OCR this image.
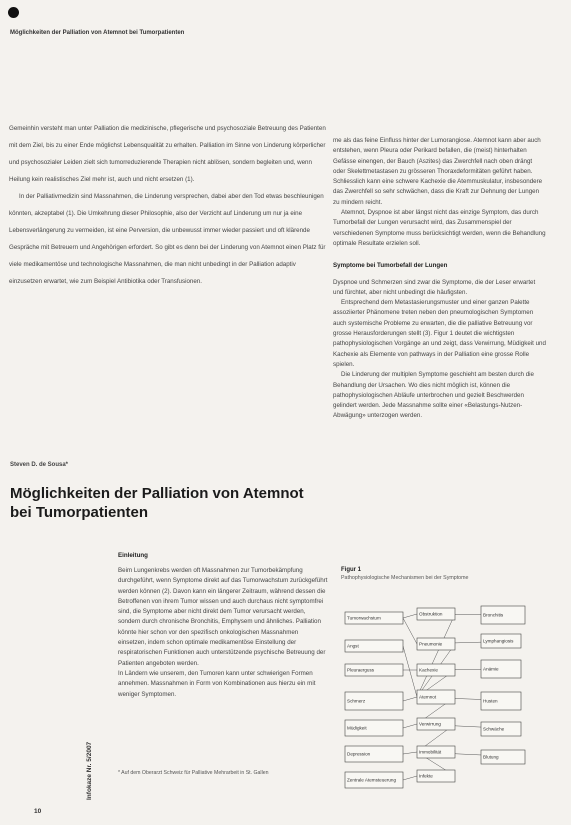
Möglichkeiten der Palliation von Atemnot bei Tumorpatienten

Gemeinhin versteht man unter Palliation die medizinische, pflegerische und psychosoziale Betreuung des Patienten mit dem Ziel, bis zu einer Ende möglichst Lebensqualität zu erhalten. Palliation im Sinne von Linderung körperlicher und psychosozialer Leiden zielt sich tumorreduzierende Therapien nicht ablösen, sondern begleiten und, wenn Heilung kein realistisches Ziel mehr ist, auch und nicht ersetzen (1).

In der Palliativmedizin sind Massnahmen, die Linderung versprechen, dabei aber den Tod etwas beschleunigen könnten, akzeptabel (1). Die Umkehrung dieser Philosophie, also der Verzicht auf Linderung um nur ja eine Lebensverlängerung zu vermeiden, ist eine Perversion, die unbewusst immer wieder passiert und oft klärende Gespräche mit Betreuern und Angehörigen erfordert. So gibt es denn bei der Linderung von Atemnot einen Platz für viele medikamentöse und technologische Massnahmen, die man nicht unbedingt in der Palliation adaptiv einzusetzen erwartet, wie zum Beispiel Antibiotika oder Transfusionen.

me als das feine Einfluss hinter der Lumorangiose. Atemnot kann aber auch entstehen, wenn Pleura oder Perikard befallen, die (meist) hinterhalten Gefässe einengen, der Bauch (Aszites) das Zwerchfell nach oben drängt oder Skelettmetastasen zu grösseren Thoraxdeformitäten geführt haben. Schliesslich kann eine schwere Kachexie die Atemmuskulatur, insbesondere das Zwerchfell so sehr schwächen, dass die Kraft zur Dehnung der Lungen zu mindern reicht.

Atemnot, Dyspnoe ist aber längst nicht das einzige Symptom, das durch Tumorbefall der Lungen verursacht wird, das Zusammenspiel der verschiedenen Symptome muss berücksichtigt werden, wenn die Behandlung optimale Resultate erzielen soll.

Symptome bei Tumorbefall der Lungen

Dyspnoe und Schmerzen sind zwar die Symptome, die der Leser erwartet und fürchtet, aber nicht unbedingt die häufigsten.

Entsprechend dem Metastasierungsmuster und einer ganzen Palette assoziierter Phänomene treten neben den pneumologischen Symptomen auch systemische Probleme zu erwarten, die die palliative Betreuung vor grosse Herausforderungen stellt (3). Figur 1 deutet die wichtigsten pathophysiologischen Vorgänge an und zeigt, dass Verwirrung, Müdigkeit und Kachexie als Elemente von pathways in der Palliation eine grosse Rolle spielen.

Die Linderung der multiplen Symptome geschieht am besten durch die Behandlung der Ursachen. Wo dies nicht möglich ist, können die pathophysiologischen Abläufe unterbrochen und gezielt Beschwerden gelindert werden. Jede Massnahme sollte einer «Belastungs-Nutzen-Abwägung» unterzogen werden.

Steven D. de Sousa*
Möglichkeiten der Palliation von Atemnot bei Tumorpatienten
Einleitung

Beim Lungenkrebs werden oft Massnahmen zur Tumorbekämpfung durchgeführt, wenn Symptome direkt auf das Tumorwachstum zurückgeführt werden können (2). Davon kann ein längerer Zeitraum, während dessen die Betroffenen von ihrem Tumor wissen und auch durchaus nicht symptomfrei sind, die Symptome aber nicht direkt dem Tumor verursacht werden, sondern durch chronische Bronchitis, Emphysem und ähnliches. Palliation könnte hier schon vor den spezifisch onkologischen Massnahmen einsetzen, indem schon optimale medikamentöse Einstellung der respiratorischen Funktionen auch unterstützende psychische Betreuung der Patienten angeboten werden.

In Ländern wie unserem, den Tumoren kann unter schwierigen Formen annehmen. Massnahmen in Form von Kombinationen aus hierzu ein mit weniger Symptomen.

* Auf dem Oberarzt Schweiz für Palliative Mehrarbeit in St. Gallen
Infokaze Nr. 5/2007
10
Figur 1
Pathophysiologische Mechanismen bei der Symptome
Tumorwachstum
Obstruktion	Bronchitis
Angst	Pneumonie
Lymphangiosis
Pleuraerguss	Kachexie	Anämie
Schmerz
Atemnot
Husten
Müdigkeit
Verwirrung
Schwäche
Depression	Immobilität
Infekte
Blutung
Zentrale Atemsteuerung
